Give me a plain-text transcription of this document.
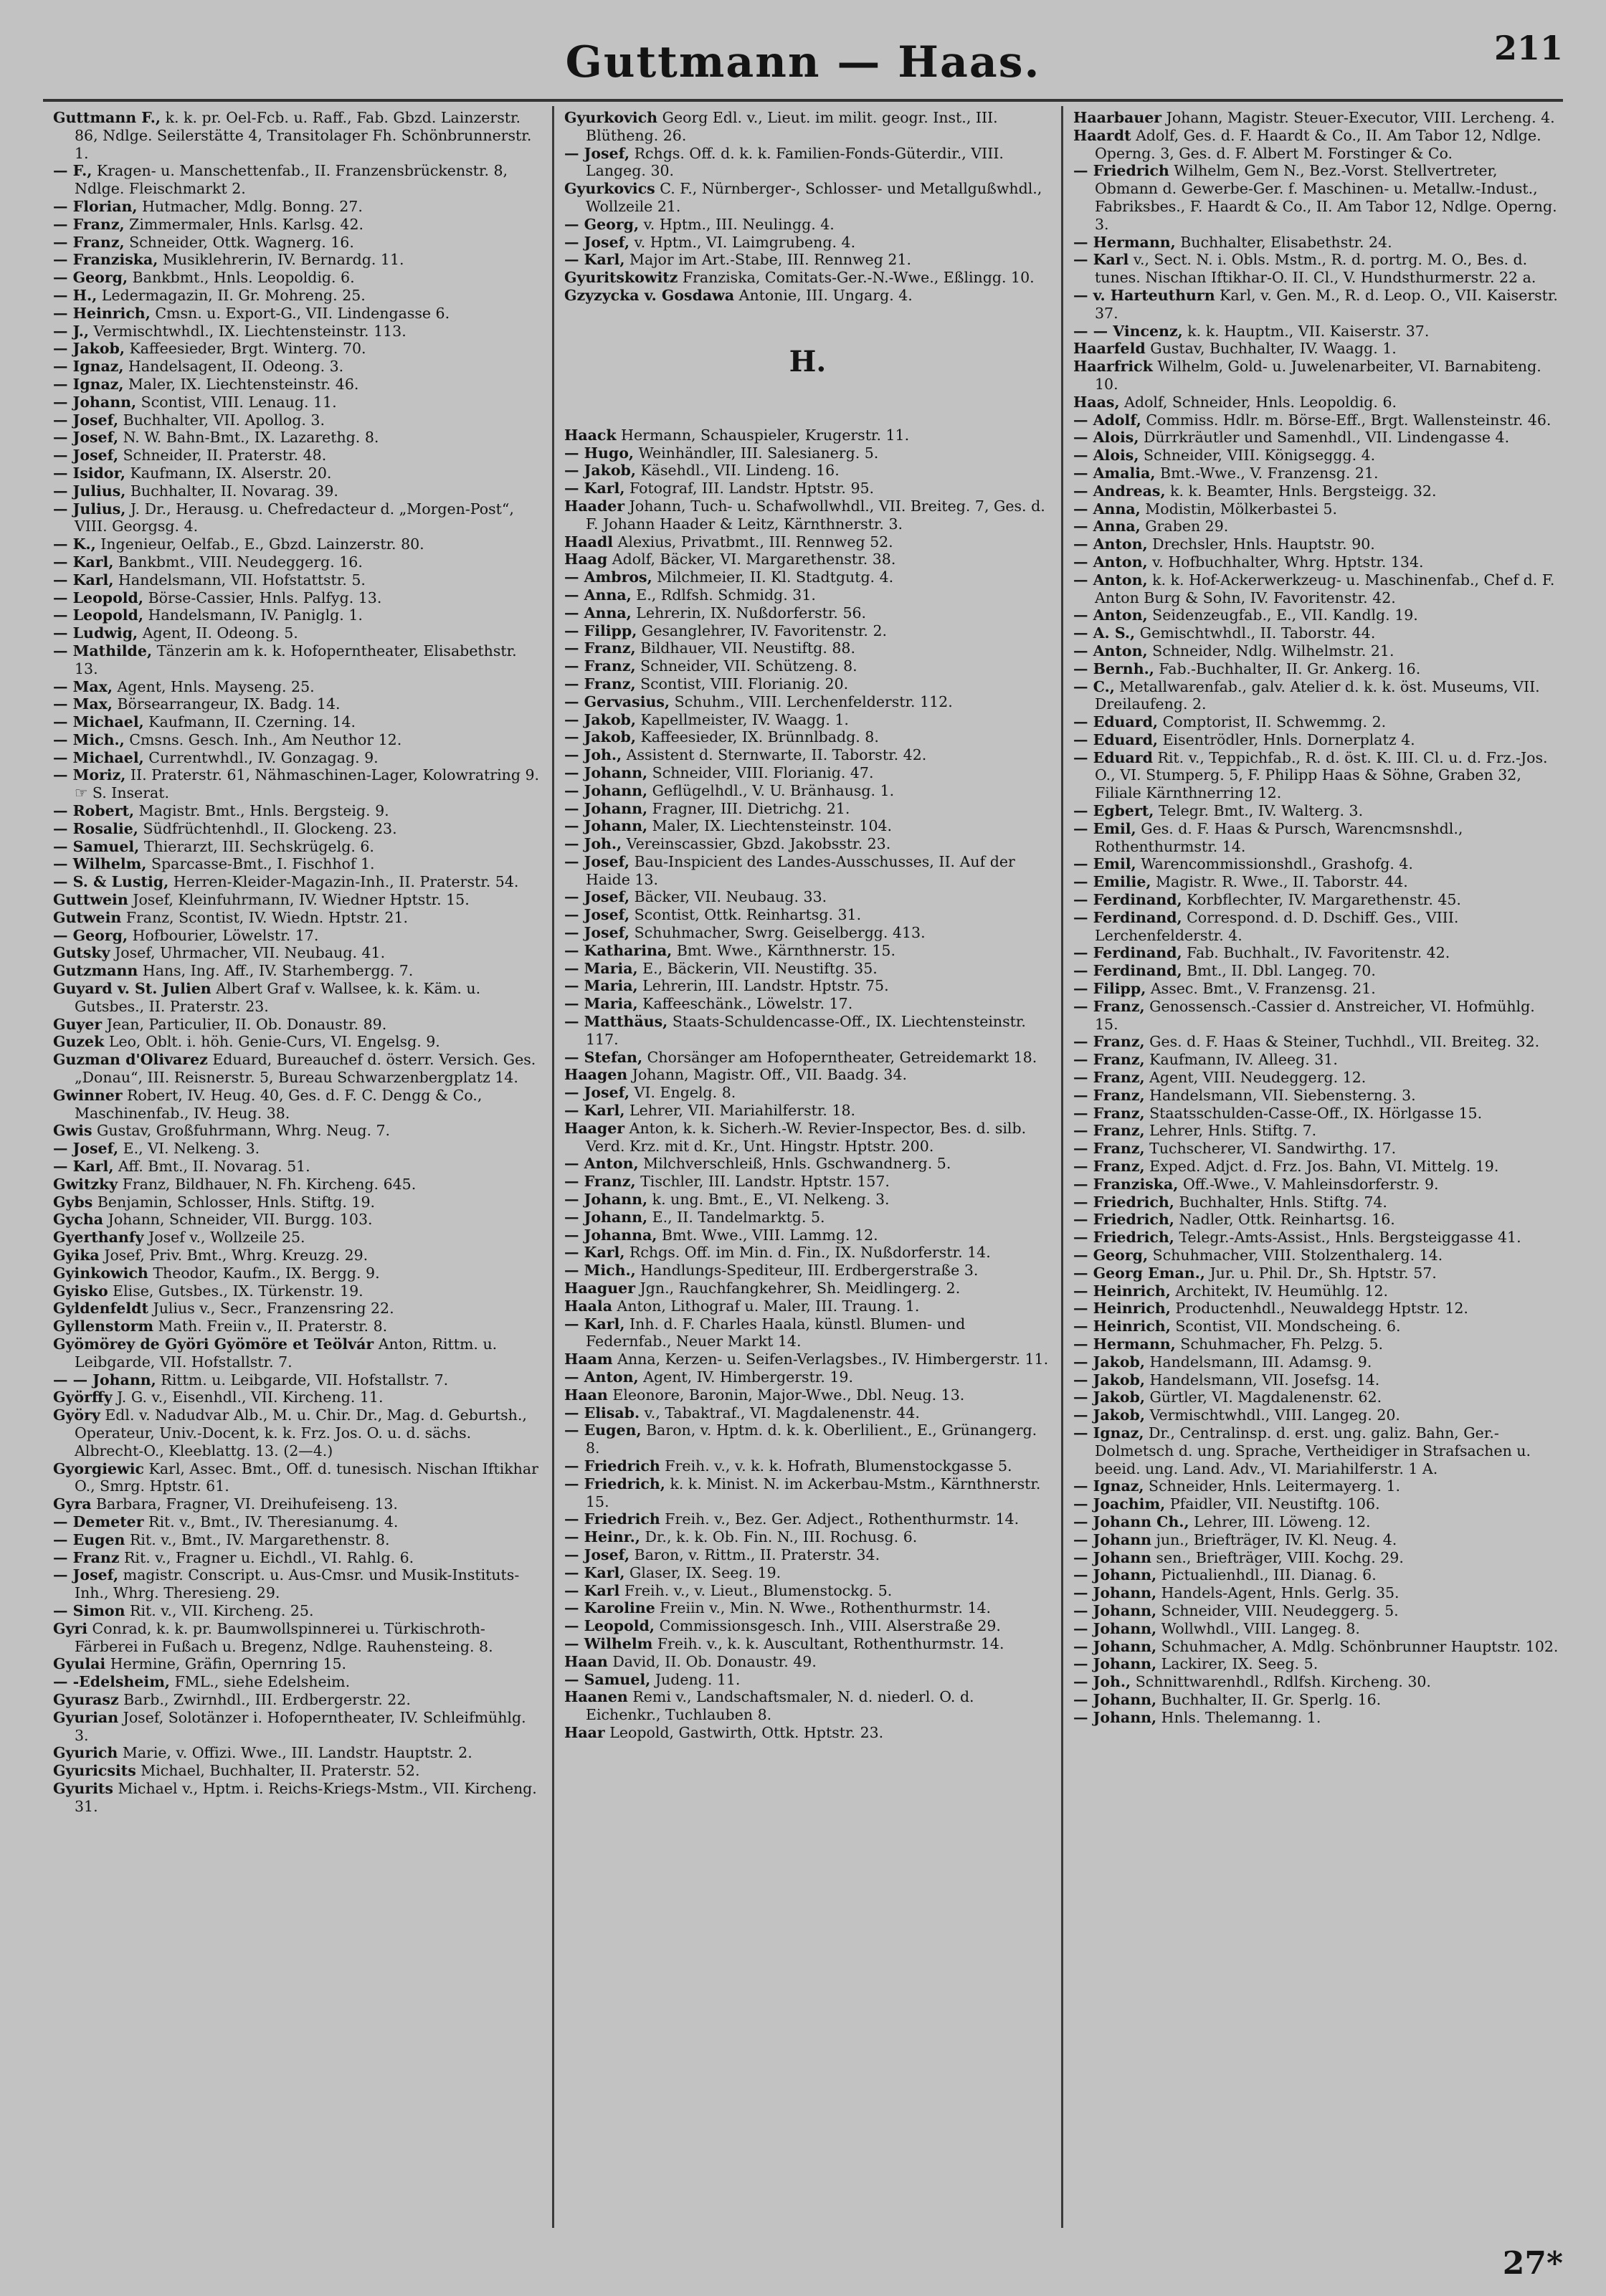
Guttmann — Haas.	211
Guttmann F., k. k. pr. Oel-Fcb. u. Raff., Fab. Gbzd. Lainzerstr. 86, Ndlge. Seilerstätte 4, Transitolager Fh. Schönbrunnerstr. 1.
— F., Kragen- u. Manschettenfab., II. Franzensbrückenstr. 8, Ndlge. Fleischmarkt 2.
— Florian, Hutmacher, Mdlg. Bonng. 27.
— Franz, Zimmermaler, Hnls. Karlsg. 42.
— Franz, Schneider, Ottk. Wagnerg. 16.
— Franziska, Musiklehrerin, IV. Bernardg. 11.
— Georg, Bankbmt., Hnls. Leopoldig. 6.
— H., Ledermagazin, II. Gr. Mohreng. 25.
— Heinrich, Cmsn. u. Export-G., VII. Lindengasse 6.
— J., Vermischtwhdl., IX. Liechtensteinstr. 113.
— Jakob, Kaffeesieder, Brgt. Winterg. 70.
— Ignaz, Handelsagent, II. Odeong. 3.
— Ignaz, Maler, IX. Liechtensteinstr. 46.
— Johann, Scontist, VIII. Lenaug. 11.
— Josef, Buchhalter, VII. Apollog. 3.
— Josef, N. W. Bahn-Bmt., IX. Lazarethg. 8.
— Josef, Schneider, II. Praterstr. 48.
— Isidor, Kaufmann, IX. Alserstr. 20.
— Julius, Buchhalter, II. Novarag. 39.
— Julius, J. Dr., Herausg. u. Chefredacteur d. „Morgen-Post“, VIII. Georgsg. 4.
— K., Ingenieur, Oelfab., E., Gbzd. Lainzerstr. 80.
— Karl, Bankbmt., VIII. Neudeggerg. 16.
— Karl, Handelsmann, VII. Hofstattstr. 5.
— Leopold, Börse-Cassier, Hnls. Palfyg. 13.
— Leopold, Handelsmann, IV. Paniglg. 1.
— Ludwig, Agent, II. Odeong. 5.
— Mathilde, Tänzerin am k. k. Hofoperntheater, Elisabethstr. 13.
— Max, Agent, Hnls. Mayseng. 25.
— Max, Börsearrangeur, IX. Badg. 14.
— Michael, Kaufmann, II. Czerning. 14.
— Mich., Cmsns. Gesch. Inh., Am Neuthor 12.
— Michael, Currentwhdl., IV. Gonzagag. 9.
— Moriz, II. Praterstr. 61, Nähmaschinen-Lager, Kolowratring 9. ☞ S. Inserat.
— Robert, Magistr. Bmt., Hnls. Bergsteig. 9.
— Rosalie, Südfrüchtenhdl., II. Glockeng. 23.
— Samuel, Thierarzt, III. Sechskrügelg. 6.
— Wilhelm, Sparcasse-Bmt., I. Fischhof 1.
— S. & Lustig, Herren-Kleider-Magazin-Inh., II. Praterstr. 54.
Guttwein Josef, Kleinfuhrmann, IV. Wiedner Hptstr. 15.
Gutwein Franz, Scontist, IV. Wiedn. Hptstr. 21.
— Georg, Hofbourier, Löwelstr. 17.
Gutsky Josef, Uhrmacher, VII. Neubaug. 41.
Gutzmann Hans, Ing. Aff., IV. Starhembergg. 7.
Guyard v. St. Julien Albert Graf v. Wallsee, k. k. Käm. u. Gutsbes., II. Praterstr. 23.
Guyer Jean, Particulier, II. Ob. Donaustr. 89.
Guzek Leo, Oblt. i. höh. Genie-Curs, VI. Engelsg. 9.
Guzman d'Olivarez Eduard, Bureauchef d. österr. Versich. Ges. „Donau“, III. Reisnerstr. 5, Bureau Schwarzenbergplatz 14.
Gwinner Robert, IV. Heug. 40, Ges. d. F. C. Dengg & Co., Maschinenfab., IV. Heug. 38.
Gwis Gustav, Großfuhrmann, Whrg. Neug. 7.
— Josef, E., VI. Nelkeng. 3.
— Karl, Aff. Bmt., II. Novarag. 51.
Gwitzky Franz, Bildhauer, N. Fh. Kircheng. 645.
Gybs Benjamin, Schlosser, Hnls. Stiftg. 19.
Gycha Johann, Schneider, VII. Burgg. 103.
Gyerthanfy Josef v., Wollzeile 25.
Gyika Josef, Priv. Bmt., Whrg. Kreuzg. 29.
Gyinkowich Theodor, Kaufm., IX. Bergg. 9.
Gyisko Elise, Gutsbes., IX. Türkenstr. 19.
Gyldenfeldt Julius v., Secr., Franzensring 22.
Gyllenstorm Math. Freiin v., II. Praterstr. 8.
Gyömörey de Györi Gyömöre et Teölvár Anton, Rittm. u. Leibgarde, VII. Hofstallstr. 7.
— — Johann, Rittm. u. Leibgarde, VII. Hofstallstr. 7.
Györffy J. G. v., Eisenhdl., VII. Kircheng. 11.
Györy Edl. v. Nadudvar Alb., M. u. Chir. Dr., Mag. d. Geburtsh., Operateur, Univ.-Docent, k. k. Frz. Jos. O. u. d. sächs. Albrecht-O., Kleeblattg. 13. (2—4.)
Gyorgiewic Karl, Assec. Bmt., Off. d. tunesisch. Nischan Iftikhar O., Smrg. Hptstr. 61.
Gyra Barbara, Fragner, VI. Dreihufeiseng. 13.
— Demeter Rit. v., Bmt., IV. Theresianumg. 4.
— Eugen Rit. v., Bmt., IV. Margarethenstr. 8.
— Franz Rit. v., Fragner u. Eichdl., VI. Rahlg. 6.
— Josef, magistr. Conscript. u. Aus-Cmsr. und Musik-Instituts-Inh., Whrg. Theresieng. 29.
— Simon Rit. v., VII. Kircheng. 25.
Gyri Conrad, k. k. pr. Baumwollspinnerei u. Türkischroth-Färberei in Fußach u. Bregenz, Ndlge. Rauhensteing. 8.
Gyulai Hermine, Gräfin, Opernring 15.
— -Edelsheim, FML., siehe Edelsheim.
Gyurasz Barb., Zwirnhdl., III. Erdbergerstr. 22.
Gyurian Josef, Solotänzer i. Hofoperntheater, IV. Schleifmühlg. 3.
Gyurich Marie, v. Offizi. Wwe., III. Landstr. Hauptstr. 2.
Gyuricsits Michael, Buchhalter, II. Praterstr. 52.
Gyurits Michael v., Hptm. i. Reichs-Kriegs-Mstm., VII. Kircheng. 31.
Gyurkovich Georg Edl. v., Lieut. im milit. geogr. Inst., III. Blütheng. 26.
— Josef, Rchgs. Off. d. k. k. Familien-Fonds-Güterdir., VIII. Langeg. 30.
Gyurkovics C. F., Nürnberger-, Schlosser- und Metallgußwhdl., Wollzeile 21.
— Georg, v. Hptm., III. Neulingg. 4.
— Josef, v. Hptm., VI. Laimgrubeng. 4.
— Karl, Major im Art.-Stabe, III. Rennweg 21.
Gyuritskowitz Franziska, Comitats-Ger.-N.-Wwe., Eßlingg. 10.
Gzyzycka v. Gosdawa Antonie, III. Ungarg. 4.
H.
Haack Hermann, Schauspieler, Krugerstr. 11.
— Hugo, Weinhändler, III. Salesianerg. 5.
— Jakob, Käsehdl., VII. Lindeng. 16.
— Karl, Fotograf, III. Landstr. Hptstr. 95.
Haader Johann, Tuch- u. Schafwollwhdl., VII. Breiteg. 7, Ges. d. F. Johann Haader & Leitz, Kärnthnerstr. 3.
Haadl Alexius, Privatbmt., III. Rennweg 52.
Haag Adolf, Bäcker, VI. Margarethenstr. 38.
— Ambros, Milchmeier, II. Kl. Stadtgutg. 4.
— Anna, E., Rdlfsh. Schmidg. 31.
— Anna, Lehrerin, IX. Nußdorferstr. 56.
— Filipp, Gesanglehrer, IV. Favoritenstr. 2.
— Franz, Bildhauer, VII. Neustiftg. 88.
— Franz, Schneider, VII. Schützeng. 8.
— Franz, Scontist, VIII. Florianig. 20.
— Gervasius, Schuhm., VIII. Lerchenfelderstr. 112.
— Jakob, Kapellmeister, IV. Waagg. 1.
— Jakob, Kaffeesieder, IX. Brünnlbadg. 8.
— Joh., Assistent d. Sternwarte, II. Taborstr. 42.
— Johann, Schneider, VIII. Florianig. 47.
— Johann, Geflügelhdl., V. U. Bränhausg. 1.
— Johann, Fragner, III. Dietrichg. 21.
— Johann, Maler, IX. Liechtensteinstr. 104.
— Joh., Vereinscassier, Gbzd. Jakobsstr. 23.
— Josef, Bau-Inspicient des Landes-Ausschusses, II. Auf der Haide 13.
— Josef, Bäcker, VII. Neubaug. 33.
— Josef, Scontist, Ottk. Reinhartsg. 31.
— Josef, Schuhmacher, Swrg. Geiselbergg. 413.
— Katharina, Bmt. Wwe., Kärnthnerstr. 15.
— Maria, E., Bäckerin, VII. Neustiftg. 35.
— Maria, Lehrerin, III. Landstr. Hptstr. 75.
— Maria, Kaffeeschänk., Löwelstr. 17.
— Matthäus, Staats-Schuldencasse-Off., IX. Liechtensteinstr. 117.
— Stefan, Chorsänger am Hofoperntheater, Getreidemarkt 18.
Haagen Johann, Magistr. Off., VII. Baadg. 34.
— Josef, VI. Engelg. 8.
— Karl, Lehrer, VII. Mariahilferstr. 18.
Haager Anton, k. k. Sicherh.-W. Revier-Inspector, Bes. d. silb. Verd. Krz. mit d. Kr., Unt. Hingstr. Hptstr. 200.
— Anton, Milchverschleiß, Hnls. Gschwandnerg. 5.
— Franz, Tischler, III. Landstr. Hptstr. 157.
— Johann, k. ung. Bmt., E., VI. Nelkeng. 3.
— Johann, E., II. Tandelmarktg. 5.
— Johanna, Bmt. Wwe., VIII. Lammg. 12.
— Karl, Rchgs. Off. im Min. d. Fin., IX. Nußdorferstr. 14.
— Mich., Handlungs-Spediteur, III. Erdbergerstraße 3.
Haaguer Jgn., Rauchfangkehrer, Sh. Meidlingerg. 2.
Haala Anton, Lithograf u. Maler, III. Traung. 1.
— Karl, Inh. d. F. Charles Haala, künstl. Blumen- und Federnfab., Neuer Markt 14.
Haam Anna, Kerzen- u. Seifen-Verlagsbes., IV. Himbergerstr. 11.
— Anton, Agent, IV. Himbergerstr. 19.
Haan Eleonore, Baronin, Major-Wwe., Dbl. Neug. 13.
— Elisab. v., Tabaktraf., VI. Magdalenenstr. 44.
— Eugen, Baron, v. Hptm. d. k. k. Oberlilient., E., Grünangerg. 8.
— Friedrich Freih. v., v. k. k. Hofrath, Blumenstockgasse 5.
— Friedrich, k. k. Minist. N. im Ackerbau-Mstm., Kärnthnerstr. 15.
— Friedrich Freih. v., Bez. Ger. Adject., Rothenthurmstr. 14.
— Heinr., Dr., k. k. Ob. Fin. N., III. Rochusg. 6.
— Josef, Baron, v. Rittm., II. Praterstr. 34.
— Karl, Glaser, IX. Seeg. 19.
— Karl Freih. v., v. Lieut., Blumenstockg. 5.
— Karoline Freiin v., Min. N. Wwe., Rothenthurmstr. 14.
— Leopold, Commissionsgesch. Inh., VIII. Alserstraße 29.
— Wilhelm Freih. v., k. k. Auscultant, Rothenthurmstr. 14.
Haan David, II. Ob. Donaustr. 49.
— Samuel, Judeng. 11.
Haanen Remi v., Landschaftsmaler, N. d. niederl. O. d. Eichenkr., Tuchlauben 8.
Haar Leopold, Gastwirth, Ottk. Hptstr. 23.
Haarbauer Johann, Magistr. Steuer-Executor, VIII. Lercheng. 4.
Haardt Adolf, Ges. d. F. Haardt & Co., II. Am Tabor 12, Ndlge. Operng. 3, Ges. d. F. Albert M. Forstinger & Co.
— Friedrich Wilhelm, Gem N., Bez.-Vorst. Stellvertreter, Obmann d. Gewerbe-Ger. f. Maschinen- u. Metallw.-Indust., Fabriksbes., F. Haardt & Co., II. Am Tabor 12, Ndlge. Operng. 3.
— Hermann, Buchhalter, Elisabethstr. 24.
— Karl v., Sect. N. i. Obls. Mstm., R. d. portrg. M. O., Bes. d. tunes. Nischan Iftikhar-O. II. Cl., V. Hundsthurmerstr. 22 a.
— v. Harteuthurn Karl, v. Gen. M., R. d. Leop. O., VII. Kaiserstr. 37.
— — Vincenz, k. k. Hauptm., VII. Kaiserstr. 37.
Haarfeld Gustav, Buchhalter, IV. Waagg. 1.
Haarfrick Wilhelm, Gold- u. Juwelenarbeiter, VI. Barnabiteng. 10.
Haas, Adolf, Schneider, Hnls. Leopoldig. 6.
— Adolf, Commiss. Hdlr. m. Börse-Eff., Brgt. Wallensteinstr. 46.
— Alois, Dürrkräutler und Samenhdl., VII. Lindengasse 4.
— Alois, Schneider, VIII. Königseggg. 4.
— Amalia, Bmt.-Wwe., V. Franzensg. 21.
— Andreas, k. k. Beamter, Hnls. Bergsteigg. 32.
— Anna, Modistin, Mölkerbastei 5.
— Anna, Graben 29.
— Anton, Drechsler, Hnls. Hauptstr. 90.
— Anton, v. Hofbuchhalter, Whrg. Hptstr. 134.
— Anton, k. k. Hof-Ackerwerkzeug- u. Maschinenfab., Chef d. F. Anton Burg & Sohn, IV. Favoritenstr. 42.
— Anton, Seidenzeugfab., E., VII. Kandlg. 19.
— A. S., Gemischtwhdl., II. Taborstr. 44.
— Anton, Schneider, Ndlg. Wilhelmstr. 21.
— Bernh., Fab.-Buchhalter, II. Gr. Ankerg. 16.
— C., Metallwarenfab., galv. Atelier d. k. k. öst. Museums, VII. Dreilaufeng. 2.
— Eduard, Comptorist, II. Schwemmg. 2.
— Eduard, Eisentrödler, Hnls. Dornerplatz 4.
— Eduard Rit. v., Teppichfab., R. d. öst. K. III. Cl. u. d. Frz.-Jos. O., VI. Stumperg. 5, F. Philipp Haas & Söhne, Graben 32, Filiale Kärnthnerring 12.
— Egbert, Telegr. Bmt., IV. Walterg. 3.
— Emil, Ges. d. F. Haas & Pursch, Warencmsnshdl., Rothenthurmstr. 14.
— Emil, Warencommissionshdl., Grashofg. 4.
— Emilie, Magistr. R. Wwe., II. Taborstr. 44.
— Ferdinand, Korbflechter, IV. Margarethenstr. 45.
— Ferdinand, Correspond. d. D. Dschiff. Ges., VIII. Lerchenfelderstr. 4.
— Ferdinand, Fab. Buchhalt., IV. Favoritenstr. 42.
— Ferdinand, Bmt., II. Dbl. Langeg. 70.
— Filipp, Assec. Bmt., V. Franzensg. 21.
— Franz, Genossensch.-Cassier d. Anstreicher, VI. Hofmühlg. 15.
— Franz, Ges. d. F. Haas & Steiner, Tuchhdl., VII. Breiteg. 32.
— Franz, Kaufmann, IV. Alleeg. 31.
— Franz, Agent, VIII. Neudeggerg. 12.
— Franz, Handelsmann, VII. Siebensterng. 3.
— Franz, Staatsschulden-Casse-Off., IX. Hörlgasse 15.
— Franz, Lehrer, Hnls. Stiftg. 7.
— Franz, Tuchscherer, VI. Sandwirthg. 17.
— Franz, Exped. Adjct. d. Frz. Jos. Bahn, VI. Mittelg. 19.
— Franziska, Off.-Wwe., V. Mahleinsdorferstr. 9.
— Friedrich, Buchhalter, Hnls. Stiftg. 74.
— Friedrich, Nadler, Ottk. Reinhartsg. 16.
— Friedrich, Telegr.-Amts-Assist., Hnls. Bergsteiggasse 41.
— Georg, Schuhmacher, VIII. Stolzenthalerg. 14.
— Georg Eman., Jur. u. Phil. Dr., Sh. Hptstr. 57.
— Heinrich, Architekt, IV. Heumühlg. 12.
— Heinrich, Productenhdl., Neuwaldegg Hptstr. 12.
— Heinrich, Scontist, VII. Mondscheing. 6.
— Hermann, Schuhmacher, Fh. Pelzg. 5.
— Jakob, Handelsmann, III. Adamsg. 9.
— Jakob, Handelsmann, VII. Josefsg. 14.
— Jakob, Gürtler, VI. Magdalenenstr. 62.
— Jakob, Vermischtwhdl., VIII. Langeg. 20.
— Ignaz, Dr., Centralinsp. d. erst. ung. galiz. Bahn, Ger.-Dolmetsch d. ung. Sprache, Vertheidiger in Strafsachen u. beeid. ung. Land. Adv., VI. Mariahilferstr. 1 A.
— Ignaz, Schneider, Hnls. Leitermayerg. 1.
— Joachim, Pfaidler, VII. Neustiftg. 106.
— Johann Ch., Lehrer, III. Löweng. 12.
— Johann jun., Briefträger, IV. Kl. Neug. 4.
— Johann sen., Briefträger, VIII. Kochg. 29.
— Johann, Pictualienhdl., III. Dianag. 6.
— Johann, Handels-Agent, Hnls. Gerlg. 35.
— Johann, Schneider, VIII. Neudeggerg. 5.
— Johann, Wollwhdl., VIII. Langeg. 8.
— Johann, Schuhmacher, A. Mdlg. Schönbrunner Hauptstr. 102.
— Johann, Lackirer, IX. Seeg. 5.
— Joh., Schnittwarenhdl., Rdlfsh. Kircheng. 30.
— Johann, Buchhalter, II. Gr. Sperlg. 16.
— Johann, Hnls. Thelemanng. 1.
27*
